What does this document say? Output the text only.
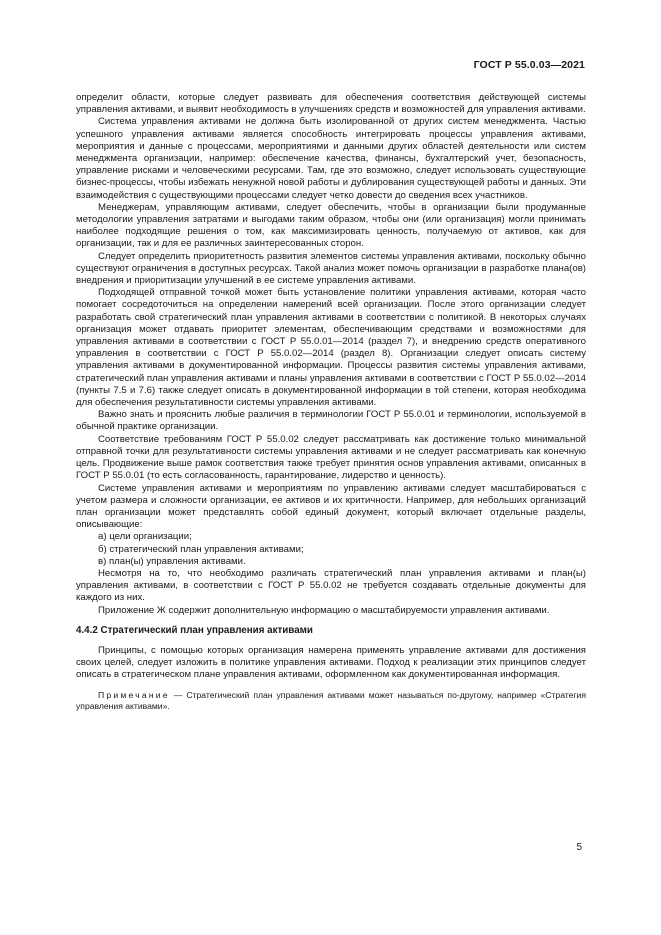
ГОСТ Р 55.0.03—2021

определит области, которые следует развивать для обеспечения соответствия действующей системы управления активами, и выявит необходимость в улучшениях средств и возможностей для управления активами.

Система управления активами не должна быть изолированной от других систем менеджмента. Частью успешного управления активами является способность интегрировать процессы управления активами, мероприятия и данные с процессами, мероприятиями и данными других областей деятельности или систем менеджмента организации, например: обеспечение качества, финансы, бухгалтерский учет, безопасность, управление рисками и человеческими ресурсами. Там, где это возможно, следует использовать существующие бизнес-процессы, чтобы избежать ненужной новой работы и дублирования существующей работы и данных. Эти взаимодействия с существующими процессами следует четко довести до сведения всех участников.

Менеджерам, управляющим активами, следует обеспечить, чтобы в организации были продуманные методологии управления затратами и выгодами таким образом, чтобы они (или организация) могли принимать наиболее подходящие решения о том, как максимизировать ценность, получаемую от активов, как для организации, так и для ее различных заинтересованных сторон.

Следует определить приоритетность развития элементов системы управления активами, поскольку обычно существуют ограничения в доступных ресурсах. Такой анализ может помочь организации в разработке плана(ов) внедрения и приоритизации улучшений в ее системе управления активами.

Подходящей отправной точкой может быть установление политики управления активами, которая часто помогает сосредоточиться на определении намерений всей организации. После этого организации следует разработать свой стратегический план управления активами в соответствии с политикой. В некоторых случаях организация может отдавать приоритет элементам, обеспечивающим средствами и возможностями для управления активами в соответствии с ГОСТ Р 55.0.01—2014 (раздел 7), и внедрению средств оперативного управления в соответствии с ГОСТ Р 55.0.02—2014 (раздел 8). Организации следует описать систему управления активами в документированной информации. Процессы развития системы управления активами, стратегический план управления активами и планы управления активами в соответствии с ГОСТ Р 55.0.02—2014 (пункты 7.5 и 7.6) также следует описать в документированной информации в той степени, которая необходима для обеспечения результативности системы управления активами.

Важно знать и прояснить любые различия в терминологии ГОСТ Р 55.0.01 и терминологии, используемой в обычной практике организации.

Соответствие требованиям ГОСТ Р 55.0.02 следует рассматривать как достижение только минимальной отправной точки для результативности системы управления активами и не следует рассматривать как конечную цель. Продвижение выше рамок соответствия также требует принятия основ управления активами, описанных в ГОСТ Р 55.0.01 (то есть согласованность, гарантирование, лидерство и ценность).

Системе управления активами и мероприятиям по управлению активами следует масштабироваться с учетом размера и сложности организации, ее активов и их критичности. Например, для небольших организаций план организации может представлять собой единый документ, который включает отдельные разделы, описывающие:

а) цели организации;

б) стратегический план управления активами;

в) план(ы) управления активами.

Несмотря на то, что необходимо различать стратегический план управления активами и план(ы) управления активами, в соответствии с ГОСТ Р 55.0.02 не требуется создавать отдельные документы для каждого из них.

Приложение Ж содержит дополнительную информацию о масштабируемости управления активами.

4.4.2 Стратегический план управления активами

Принципы, с помощью которых организация намерена применять управление активами для достижения своих целей, следует изложить в политике управления активами. Подход к реализации этих принципов следует описать в стратегическом плане управления активами, оформленном как документированная информация.

Примечание — Стратегический план управления активами может называться по-другому, например «Стратегия управления активами».

5
